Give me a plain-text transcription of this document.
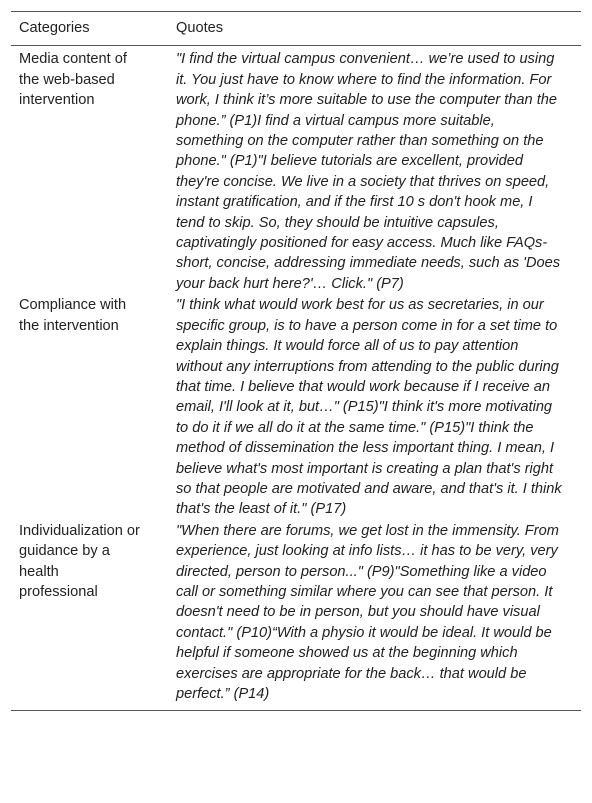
Categories	Quotes
Media content of the web-based intervention	"I find the virtual campus convenient… we’re used to using it. You just have to know where to find the information. For work, I think it’s more suitable to use the computer than the phone.” (P1)I find a virtual campus more suitable, something on the computer rather than something on the phone." (P1)"I believe tutorials are excellent, provided they're concise. We live in a society that thrives on speed, instant gratification, and if the first 10 s don't hook me, I tend to skip. So, they should be intuitive capsules, captivatingly positioned for easy access. Much like FAQs-short, concise, addressing immediate needs, such as 'Does your back hurt here?'… Click." (P7)
Compliance with the intervention	"I think what would work best for us as secretaries, in our specific group, is to have a person come in for a set time to explain things. It would force all of us to pay attention without any interruptions from attending to the public during that time. I believe that would work because if I receive an email, I'll look at it, but…" (P15)"I think it's more motivating to do it if we all do it at the same time." (P15)"I think the method of dissemination the less important thing. I mean, I believe what's most important is creating a plan that's right so that people are motivated and aware, and that's it. I think that's the least of it." (P17)
Individualization or guidance by a health professional	"When there are forums, we get lost in the immensity. From experience, just looking at info lists… it has to be very, very directed, person to person..." (P9)"Something like a video call or something similar where you can see that person. It doesn't need to be in person, but you should have visual contact." (P10)“With a physio it would be ideal. It would be helpful if someone showed us at the beginning which exercises are appropriate for the back… that would be perfect.” (P14)
